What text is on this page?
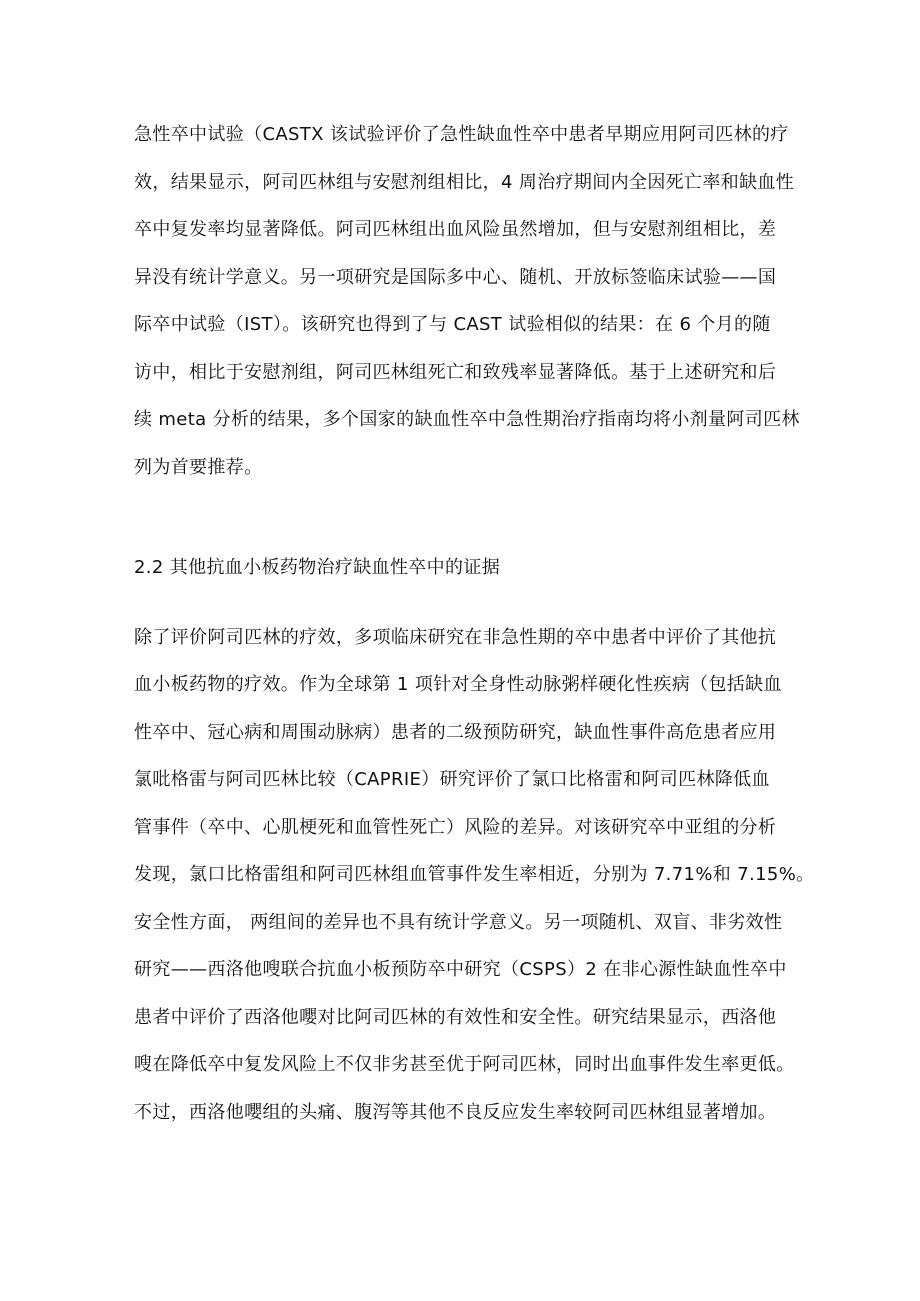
急性卒中试验（CASTX 该试验评价了急性缺血性卒中患者早期应用阿司匹林的疗
效，结果显示，阿司匹林组与安慰剂组相比，4 周治疗期间内全因死亡率和缺血性
卒中复发率均显著降低。阿司匹林组出血风险虽然增加，但与安慰剂组相比，差
异没有统计学意义。另一项研究是国际多中心、随机、开放标签临床试验——国
际卒中试验（IST）。该研究也得到了与 CAST 试验相似的结果：在 6 个月的随
访中，相比于安慰剂组，阿司匹林组死亡和致残率显著降低。基于上述研究和后
续 meta 分析的结果，多个国家的缺血性卒中急性期治疗指南均将小剂量阿司匹林
列为首要推荐。
2.2 其他抗血小板药物治疗缺血性卒中的证据
除了评价阿司匹林的疗效，多项临床研究在非急性期的卒中患者中评价了其他抗
血小板药物的疗效。作为全球第 1 项针对全身性动脉粥样硬化性疾病（包括缺血
性卒中、冠心病和周围动脉病）患者的二级预防研究，缺血性事件高危患者应用
氯吡格雷与阿司匹林比较（CAPRIE）研究评价了氯口比格雷和阿司匹林降低血
管事件（卒中、心肌梗死和血管性死亡）风险的差异。对该研究卒中亚组的分析
发现，氯口比格雷组和阿司匹林组血管事件发生率相近，分别为 7.71%和 7.15%。
安全性方面， 两组间的差异也不具有统计学意义。另一项随机、双盲、非劣效性
研究——西洛他嗖联合抗血小板预防卒中研究（CSPS）2 在非心源性缺血性卒中
患者中评价了西洛他嚶对比阿司匹林的有效性和安全性。研究结果显示，西洛他
嗖在降低卒中复发风险上不仅非劣甚至优于阿司匹林，同时出血事件发生率更低。
不过，西洛他嚶组的头痛、腹泻等其他不良反应发生率较阿司匹林组显著增加。
